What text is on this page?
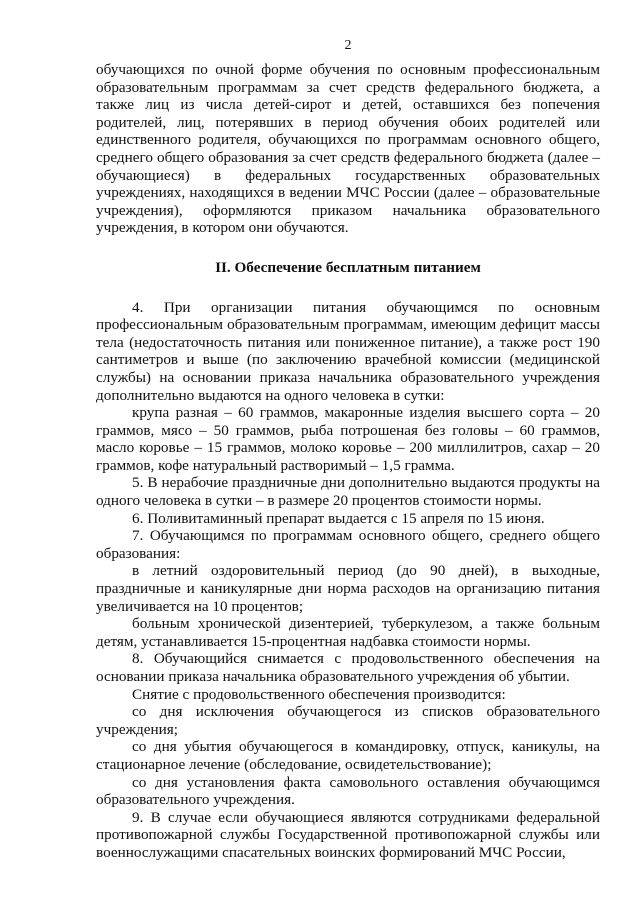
2

обучающихся по очной форме обучения по основным профессиональным образовательным программам за счет средств федерального бюджета, а также лиц из числа детей-сирот и детей, оставшихся без попечения родителей, лиц, потерявших в период обучения обоих родителей или единственного родителя, обучающихся по программам основного общего, среднего общего образования за счет средств федерального бюджета (далее – обучающиеся) в федеральных государственных образовательных учреждениях, находящихся в ведении МЧС России (далее – образовательные учреждения), оформляются приказом начальника образовательного учреждения, в котором они обучаются.

II. Обеспечение бесплатным питанием

4. При организации питания обучающимся по основным профессиональным образовательным программам, имеющим дефицит массы тела (недостаточность питания или пониженное питание), а также рост 190 сантиметров и выше (по заключению врачебной комиссии (медицинской службы) на основании приказа начальника образовательного учреждения дополнительно выдаются на одного человека в сутки:

крупа разная – 60 граммов, макаронные изделия высшего сорта – 20 граммов, мясо – 50 граммов, рыба потрошеная без головы – 60 граммов, масло коровье – 15 граммов, молоко коровье – 200 миллилитров, сахар – 20 граммов, кофе натуральный растворимый – 1,5 грамма.

5. В нерабочие праздничные дни дополнительно выдаются продукты на одного человека в сутки – в размере 20 процентов стоимости нормы.

6. Поливитаминный препарат выдается с 15 апреля по 15 июня.

7. Обучающимся по программам основного общего, среднего общего образования:

в летний оздоровительный период (до 90 дней), в выходные, праздничные и каникулярные дни норма расходов на организацию питания увеличивается на 10 процентов;

больным хронической дизентерией, туберкулезом, а также больным детям, устанавливается 15-процентная надбавка стоимости нормы.

8. Обучающийся снимается с продовольственного обеспечения на основании приказа начальника образовательного учреждения об убытии.

Снятие с продовольственного обеспечения производится:

со дня исключения обучающегося из списков образовательного учреждения;

со дня убытия обучающегося в командировку, отпуск, каникулы, на стационарное лечение (обследование, освидетельствование);

со дня установления факта самовольного оставления обучающимся образовательного учреждения.

9. В случае если обучающиеся являются сотрудниками федеральной противопожарной службы Государственной противопожарной службы или военнослужащими спасательных воинских формирований МЧС России,
